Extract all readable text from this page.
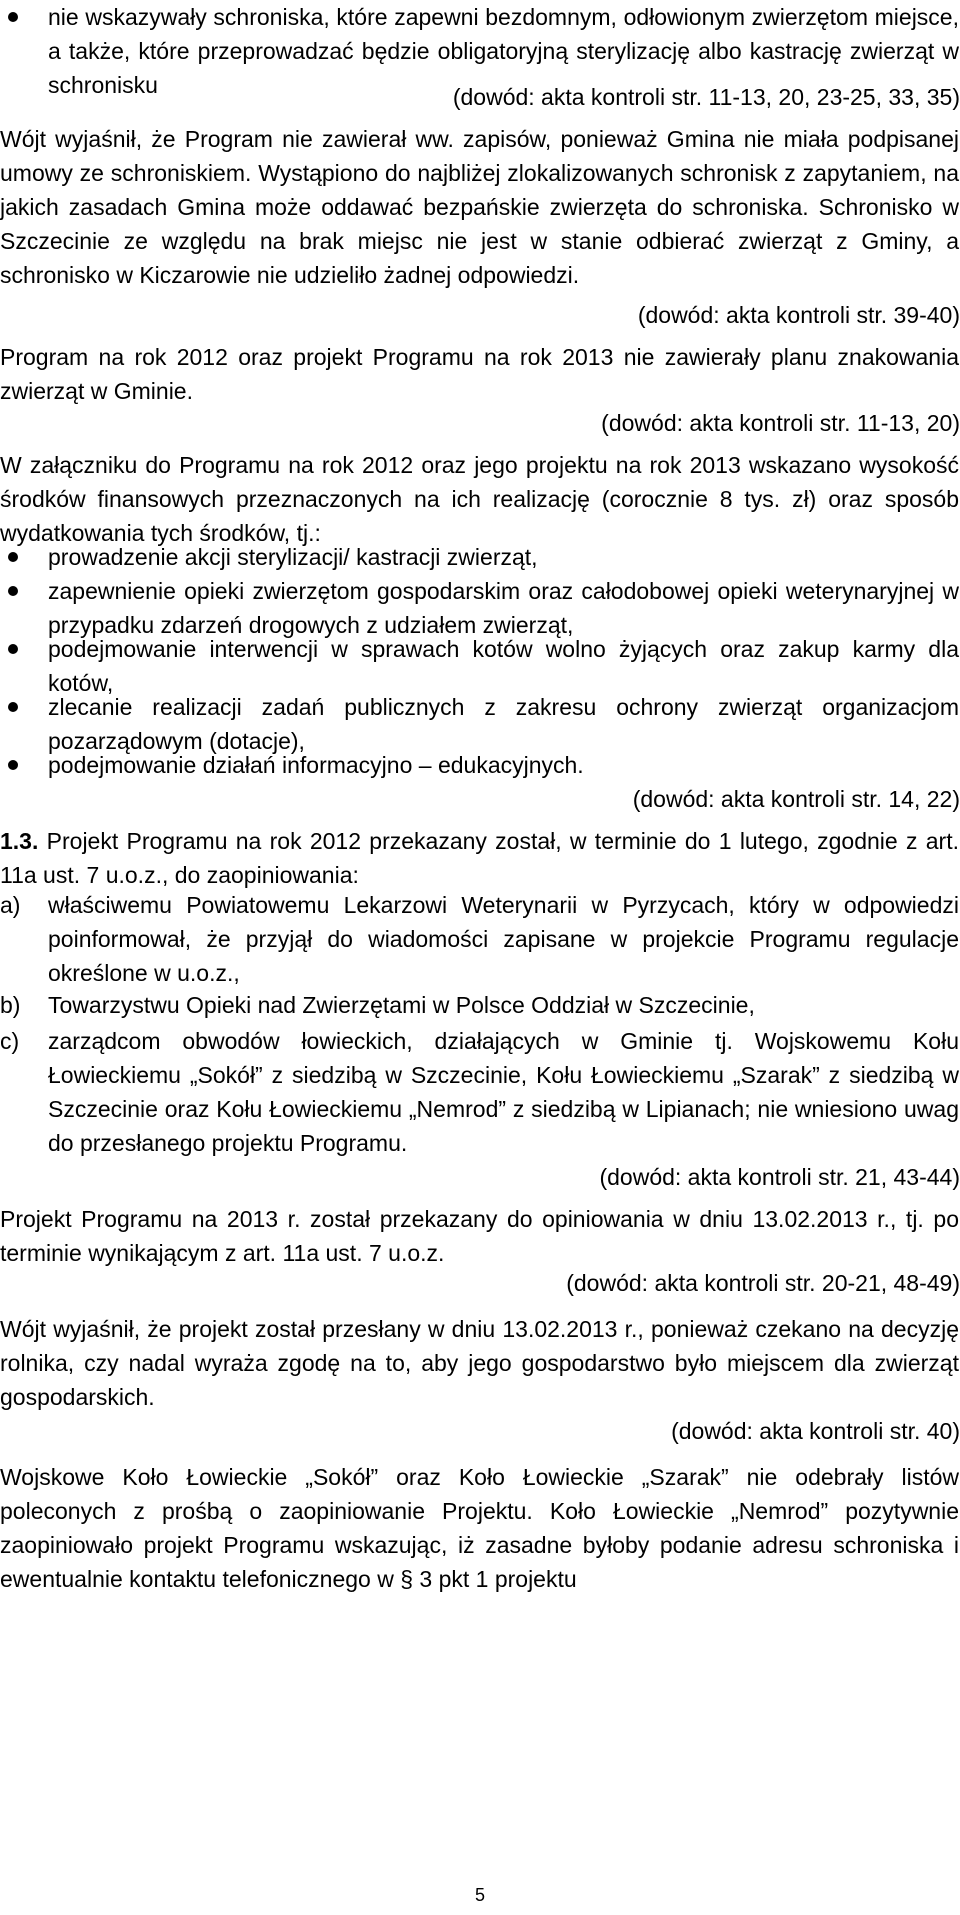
nie wskazywały schroniska, które zapewni bezdomnym, odłowionym zwierzętom miejsce, a także, które przeprowadzać będzie obligatoryjną sterylizację albo kastrację zwierząt w schronisku	(dowód: akta kontroli str. 11-13, 20, 23-25, 33, 35)
Wójt wyjaśnił, że Program nie zawierał ww. zapisów, ponieważ Gmina nie miała podpisanej umowy ze schroniskiem. Wystąpiono do najbliżej zlokalizowanych schronisk z zapytaniem, na jakich zasadach Gmina może oddawać bezpańskie zwierzęta do schroniska. Schronisko w Szczecinie ze względu na brak miejsc nie jest w stanie odbierać zwierząt z Gminy, a schronisko w Kiczarowie nie udzieliło żadnej odpowiedzi.
(dowód: akta kontroli str. 39-40)
Program na rok 2012 oraz projekt Programu na rok 2013 nie zawierały planu znakowania zwierząt w Gminie.
(dowód: akta kontroli str. 11-13, 20)
W załączniku do Programu na rok 2012 oraz jego projektu na rok 2013 wskazano wysokość środków finansowych przeznaczonych na ich realizację (corocznie 8 tys. zł) oraz sposób wydatkowania tych środków, tj.:
prowadzenie akcji sterylizacji/ kastracji zwierząt,
zapewnienie opieki zwierzętom gospodarskim oraz całodobowej opieki weterynaryjnej w przypadku zdarzeń drogowych z udziałem zwierząt,
podejmowanie interwencji w sprawach kotów wolno żyjących oraz zakup karmy dla kotów,
zlecanie realizacji zadań publicznych z zakresu ochrony zwierząt organizacjom pozarządowym (dotacje),
podejmowanie działań informacyjno – edukacyjnych.
(dowód: akta kontroli str. 14, 22)
1.3. Projekt Programu na rok 2012 przekazany został, w terminie do 1 lutego, zgodnie z art. 11a ust. 7 u.o.z., do zaopiniowania:
a) właściwemu Powiatowemu Lekarzowi Weterynarii w Pyrzycach, który w odpowiedzi poinformował, że przyjął do wiadomości zapisane w projekcie Programu regulacje określone w u.o.z.,
b) Towarzystwu Opieki nad Zwierzętami w Polsce Oddział w Szczecinie,
c) zarządcom obwodów łowieckich, działających w Gminie tj. Wojskowemu Kołu Łowieckiemu „Sokół” z siedzibą w Szczecinie, Kołu Łowieckiemu „Szarak” z siedzibą w Szczecinie oraz Kołu Łowieckiemu „Nemrod” z siedzibą w Lipianach; nie wniesiono uwag do przesłanego projektu Programu.
(dowód: akta kontroli str. 21, 43-44)
Projekt Programu na 2013 r. został przekazany do opiniowania w dniu 13.02.2013 r., tj. po terminie wynikającym z art. 11a ust. 7 u.o.z.
(dowód: akta kontroli str. 20-21, 48-49)
Wójt wyjaśnił, że projekt został przesłany w dniu 13.02.2013 r., ponieważ czekano na decyzję rolnika, czy nadal wyraża zgodę na to, aby jego gospodarstwo było miejscem dla zwierząt gospodarskich.
(dowód: akta kontroli str. 40)
Wojskowe Koło Łowieckie „Sokół” oraz Koło Łowieckie „Szarak” nie odebrały listów poleconych z prośbą o zaopiniowanie Projektu. Koło Łowieckie „Nemrod” pozytywnie zaopiniowało projekt Programu wskazując, iż zasadne byłoby podanie adresu schroniska i ewentualnie kontaktu telefonicznego w § 3 pkt 1 projektu
5
